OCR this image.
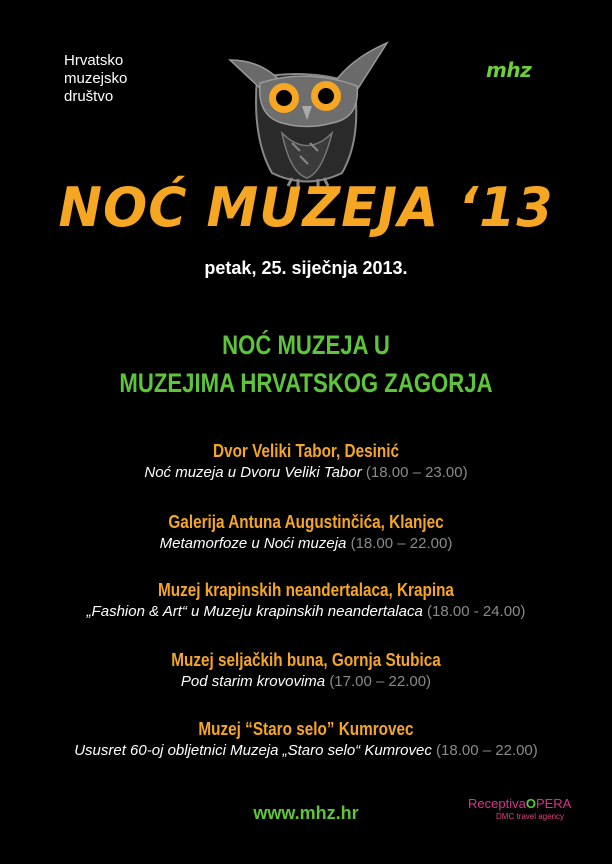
Hrvatsko
muzejsko
društvo
mhz
NOĆ MUZEJA ‘13
petak, 25. siječnja 2013.
NOĆ MUZEJA U
MUZEJIMA HRVATSKOG ZAGORJA
Dvor Veliki Tabor, Desinić
Noć muzeja u Dvoru Veliki Tabor (18.00 – 23.00)
Galerija Antuna Augustinčića, Klanjec
Metamorfoze u Noći muzeja (18.00 – 22.00)
Muzej krapinskih neandertalaca, Krapina
„Fashion & Art“ u Muzeju krapinskih neandertalaca (18.00 - 24.00)
Muzej seljačkih buna, Gornja Stubica
Pod starim krovovima (17.00 – 22.00)
Muzej “Staro selo” Kumrovec
Ususret 60-oj obljetnici Muzeja „Staro selo“ Kumrovec (18.00 – 22.00)
www.mhz.hr	ReceptivaOPERA
DMC travel agency
